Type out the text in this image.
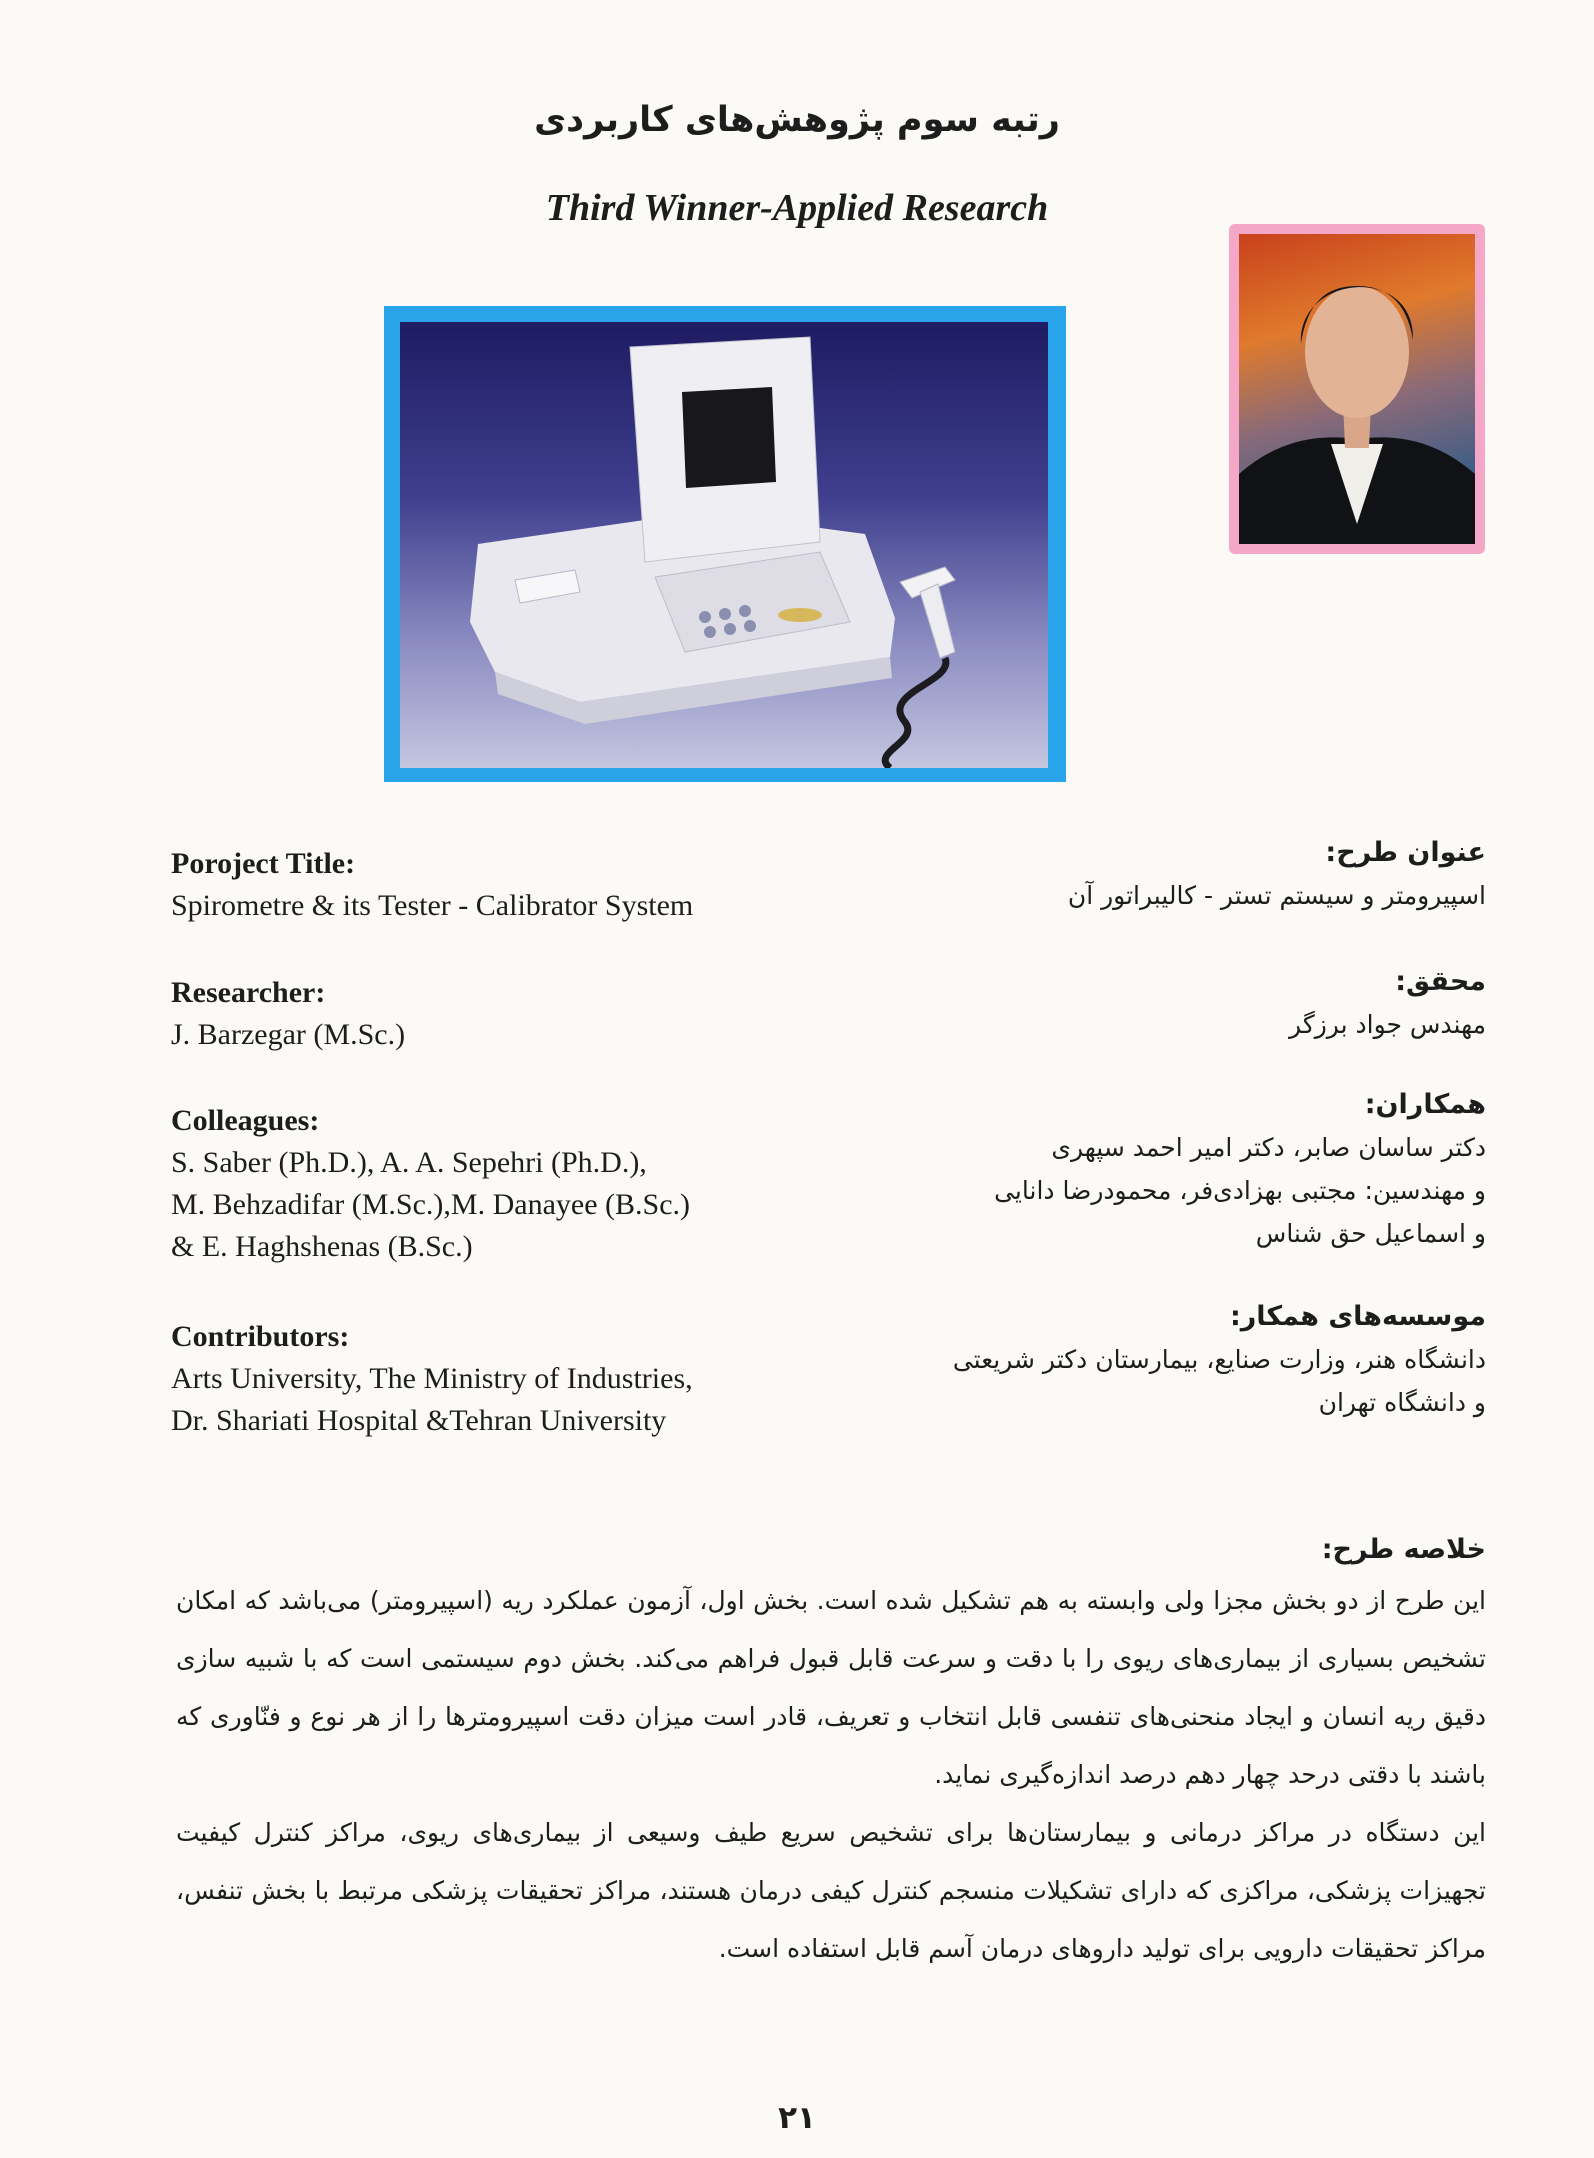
رتبه سوم پژوهش‌های کاربردی
Third Winner-Applied Research
Poroject Title:
Spirometre & its Tester - Calibrator System
Researcher:
J. Barzegar (M.Sc.)
Colleagues:
S. Saber (Ph.D.), A. A. Sepehri (Ph.D.),
M. Behzadifar (M.Sc.),M. Danayee (B.Sc.)
& E. Haghshenas (B.Sc.)
Contributors:
Arts University, The Ministry of Industries,
Dr. Shariati Hospital &Tehran University
عنوان طرح:
اسپیرومتر و سیستم تستر - کالیبراتور آن
محقق:
مهندس جواد برزگر
همکاران:
دکتر ساسان صابر، دکتر امیر احمد سپهری
و مهندسین: مجتبی بهزادی‌فر، محمودرضا دانایی
و اسماعیل حق شناس
موسسه‌های همکار:
دانشگاه هنر، وزارت صنایع، بیمارستان دکتر شریعتی
و دانشگاه تهران
خلاصه طرح:

این طرح از دو بخش مجزا ولی وابسته به هم تشکیل شده است. بخش اول، آزمون عملکرد ریه (اسپیرومتر) می‌باشد که امکان تشخیص بسیاری از بیماری‌های ریوی را با دقت و سرعت قابل قبول فراهم می‌کند. بخش دوم سیستمی است که با شبیه سازی دقیق ریه انسان و ایجاد منحنی‌های تنفسی قابل انتخاب و تعریف، قادر است میزان دقت اسپیرومترها را از هر نوع و فنّاوری که باشند با دقتی درحد چهار دهم درصد اندازه‌گیری نماید.

این دستگاه در مراکز درمانی و بیمارستان‌ها برای تشخیص سریع طیف وسیعی از بیماری‌های ریوی، مراکز کنترل کیفیت تجهیزات پزشکی، مراکزی که دارای تشکیلات منسجم کنترل کیفی درمان هستند، مراکز تحقیقات پزشکی مرتبط با بخش تنفس، مراکز تحقیقات دارویی برای تولید داروهای درمان آسم قابل استفاده است.

۲۱
